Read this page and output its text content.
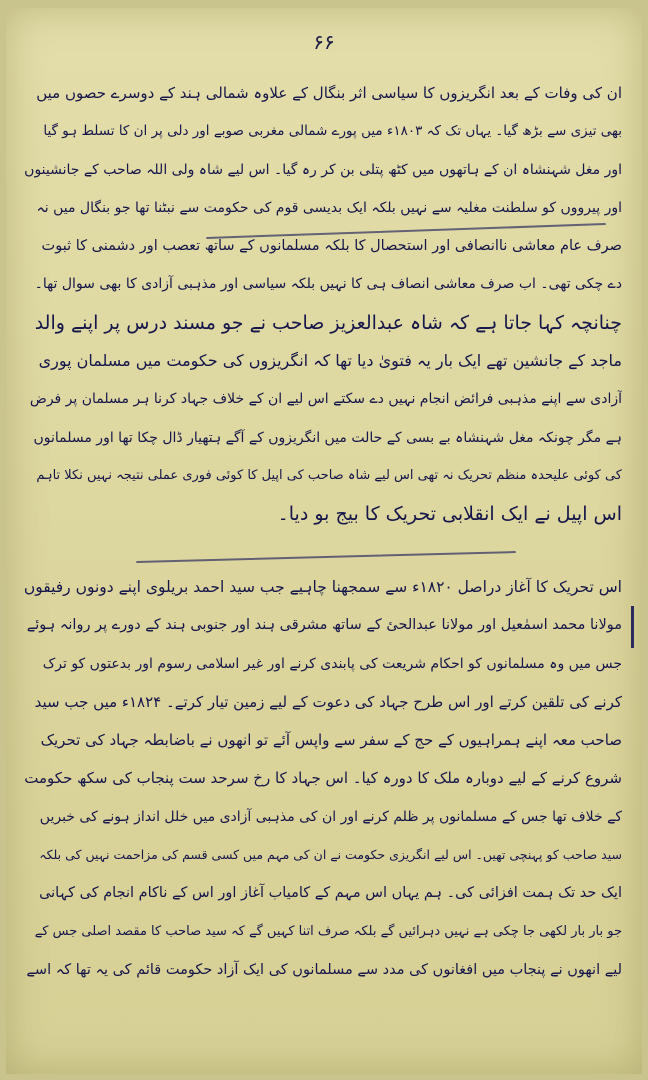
۶۶
ان کی وفات کے بعد انگریزوں کا سیاسی اثر بنگال کے علاوہ شمالی ہند کے دوسرے حصوں میں
بھی تیزی سے بڑھ گیا۔ یہاں تک کہ ۱۸۰۳ء میں پورے شمالی مغربی صوبے اور دلی پر ان کا تسلط ہو گیا
اور مغل شہنشاہ ان کے ہاتھوں میں کٹھ پتلی بن کر رہ گیا۔ اس لیے شاہ ولی اللہ صاحب کے جانشینوں
اور پیرووں کو سلطنت مغلیہ سے نہیں بلکہ ایک بدیسی قوم کی حکومت سے نبٹنا تھا جو بنگال میں نہ
صرف عام معاشی ناانصافی اور استحصال کا بلکہ مسلمانوں کے ساتھ تعصب اور دشمنی کا ثبوت
دے چکی تھی۔ اب صرف معاشی انصاف ہی کا نہیں بلکہ سیاسی اور مذہبی آزادی کا بھی سوال تھا۔
چنانچہ کہا جاتا ہے کہ شاہ عبدالعزیز صاحب نے جو مسند درس پر اپنے والد
ماجد کے جانشین تھے ایک بار یہ فتویٰ دیا تھا کہ انگریزوں کی حکومت میں مسلمان پوری
آزادی سے اپنے مذہبی فرائض انجام نہیں دے سکتے اس لیے ان کے خلاف جہاد کرنا ہر مسلمان پر فرض
ہے مگر چونکہ مغل شہنشاہ بے بسی کے حالت میں انگریزوں کے آگے ہتھیار ڈال چکا تھا اور مسلمانوں
کی کوئی علیحدہ منظم تحریک نہ تھی اس لیے شاہ صاحب کی اپیل کا کوئی فوری عملی نتیجہ نہیں نکلا تاہم
اس اپیل نے ایک انقلابی تحریک کا بیج بو دیا۔
اس تحریک کا آغاز دراصل ۱۸۲۰ء سے سمجھنا چاہیے جب سید احمد بریلوی اپنے دونوں رفیقوں
مولانا محمد اسمٰعیل اور مولانا عبدالحیٔ کے ساتھ مشرقی ہند اور جنوبی ہند کے دورے پر روانہ ہوئے
جس میں وہ مسلمانوں کو احکام شریعت کی پابندی کرنے اور غیر اسلامی رسوم اور بدعتوں کو ترک
کرنے کی تلقین کرتے اور اس طرح جہاد کی دعوت کے لیے زمین تیار کرتے۔ ۱۸۲۴ء میں جب سید
صاحب معہ اپنے ہمراہیوں کے حج کے سفر سے واپس آئے تو انھوں نے باضابطہ جہاد کی تحریک
شروع کرنے کے لیے دوبارہ ملک کا دورہ کیا۔ اس جہاد کا رخ سرحد ست پنجاب کی سکھ حکومت
کے خلاف تھا جس کے مسلمانوں پر ظلم کرنے اور ان کی مذہبی آزادی میں خلل انداز ہونے کی خبریں
سید صاحب کو پہنچی تھیں۔ اس لیے انگریزی حکومت نے ان کی مہم میں کسی قسم کی مزاحمت نہیں کی بلکہ
ایک حد تک ہمت افزائی کی۔ ہم یہاں اس مہم کے کامیاب آغاز اور اس کے ناکام انجام کی کہانی
جو بار بار لکھی جا چکی ہے نہیں دہرائیں گے بلکہ صرف اتنا کہیں گے کہ سید صاحب کا مقصد اصلی جس کے
لیے انھوں نے پنجاب میں افغانوں کی مدد سے مسلمانوں کی ایک آزاد حکومت قائم کی یہ تھا کہ اسے
